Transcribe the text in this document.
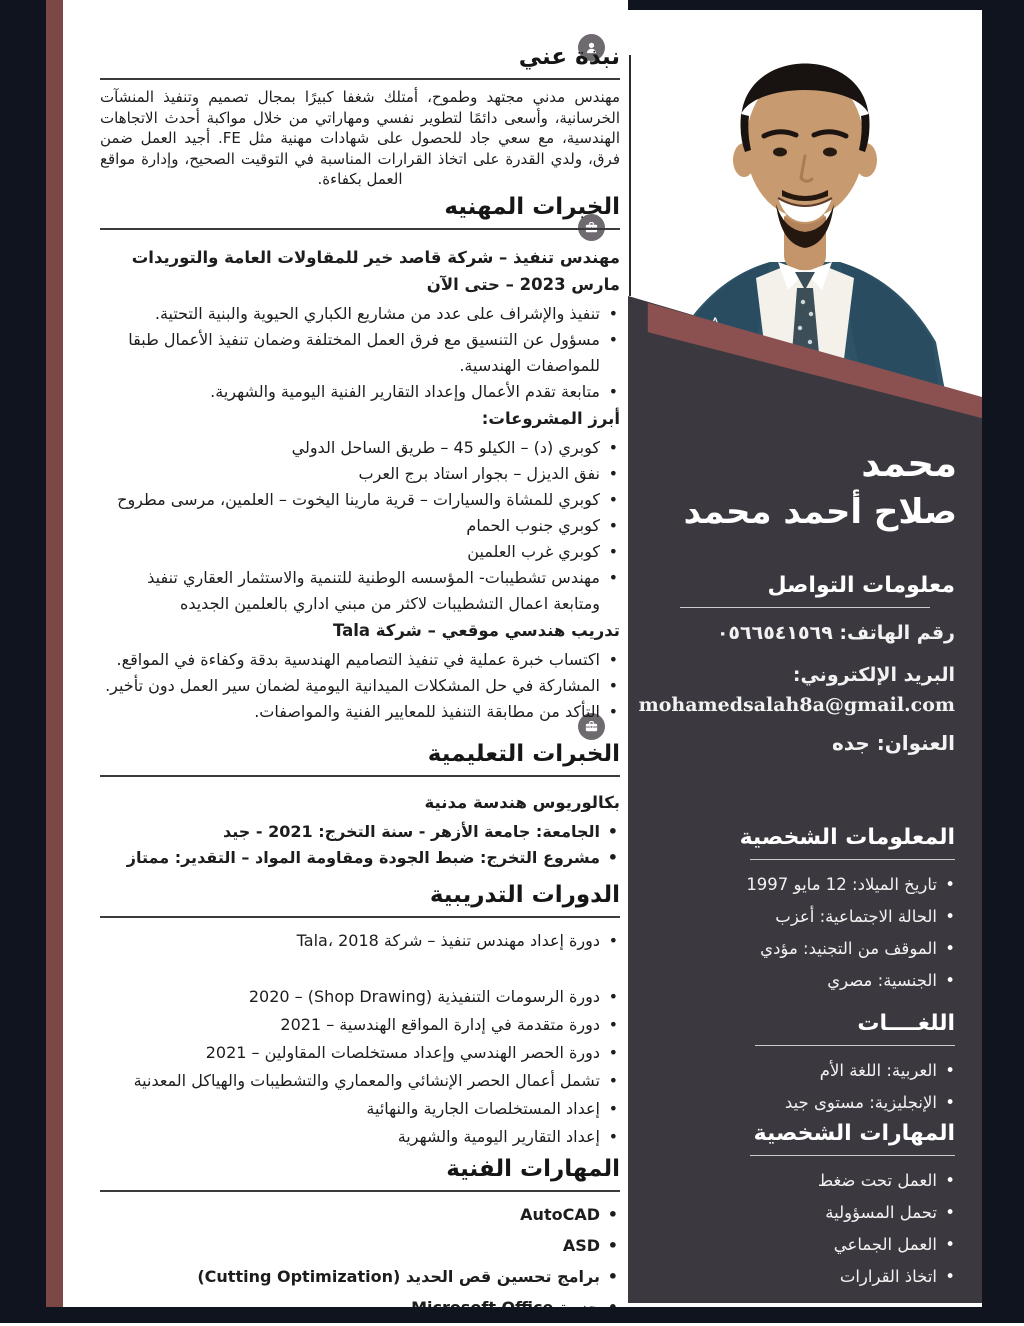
نبذة عني

مهندس مدني مجتهد وطموح، أمتلك شغفا كبيرًا بمجال تصميم وتنفيذ المنشآت الخرسانية، وأسعى دائمًا لتطوير نفسي ومهاراتي من خلال مواكبة أحدث الاتجاهات الهندسية، مع سعي جاد للحصول على شهادات مهنية مثل FE. أجيد العمل ضمن فرق، ولدي القدرة على اتخاذ القرارات المناسبة في التوقيت الصحيح، وإدارة مواقع العمل بكفاءة.

الخبرات المهنيه
مهندس تنفيذ – شركة قاصد خير للمقاولات العامة والتوريدات
مارس 2023 – حتى الآن
• تنفيذ والإشراف على عدد من مشاريع الكباري الحيوية والبنية التحتية.
• مسؤول عن التنسيق مع فرق العمل المختلفة وضمان تنفيذ الأعمال طبقا للمواصفات الهندسية.
• متابعة تقدم الأعمال وإعداد التقارير الفنية اليومية والشهرية.
أبرز المشروعات:
• كوبري (د) – الكيلو 45 – طريق الساحل الدولي
• نفق الديزل – بجوار استاد برج العرب
• كوبري للمشاة والسيارات – قرية مارينا اليخوت – العلمين، مرسى مطروح
• كوبري جنوب الحمام
• كوبري غرب العلمين
• مهندس تشطيبات- المؤسسه الوطنية للتنمية والاستثمار العقاري تنفيذ ومتابعة اعمال التشطيبات لاكثر من مبني اداري بالعلمين الجديده
تدريب هندسي موقعي – شركة Tala
• اكتساب خبرة عملية في تنفيذ التصاميم الهندسية بدقة وكفاءة في المواقع.
• المشاركة في حل المشكلات الميدانية اليومية لضمان سير العمل دون تأخير.
• التأكد من مطابقة التنفيذ للمعايير الفنية والمواصفات.
الخبرات التعليمية
بكالوريوس هندسة مدنية
• الجامعة: جامعة الأزهر - سنة التخرج: 2021 - جيد
• مشروع التخرج: ضبط الجودة ومقاومة المواد – التقدير: ممتاز
الدورات التدريبية
• دورة إعداد مهندس تنفيذ – شركة Tala، 2018
• دورة الرسومات التنفيذية (Shop Drawing) – 2020
• دورة متقدمة في إدارة المواقع الهندسية – 2021
• دورة الحصر الهندسي وإعداد مستخلصات المقاولين – 2021
• تشمل أعمال الحصر الإنشائي والمعماري والتشطيبات والهياكل المعدنية
• إعداد المستخلصات الجارية والنهائية
• إعداد التقارير اليومية والشهرية
المهارات الفنية
• AutoCAD
• ASD
• برامج تحسين قص الحديد (Cutting Optimization)
•
محمد
صلاح أحمد محمد
معلومات التواصل
رقم الهاتف: ٠٥٦٦٥٤١٥٦٩
البريد الإلكتروني:
mohamedsalah8a@gmail.com
العنوان: جده
المعلومات الشخصية
• تاريخ الميلاد: 12 مايو 1997
• الحالة الاجتماعية: أعزب
• الموقف من التجنيد: مؤدي
• الجنسية: مصري
اللغــــات
• العربية: اللغة الأم
• الإنجليزية: مستوى جيد
المهارات الشخصية
• العمل تحت ضغط
• تحمل المسؤولية
• العمل الجماعي
• اتخاذ القرارات
